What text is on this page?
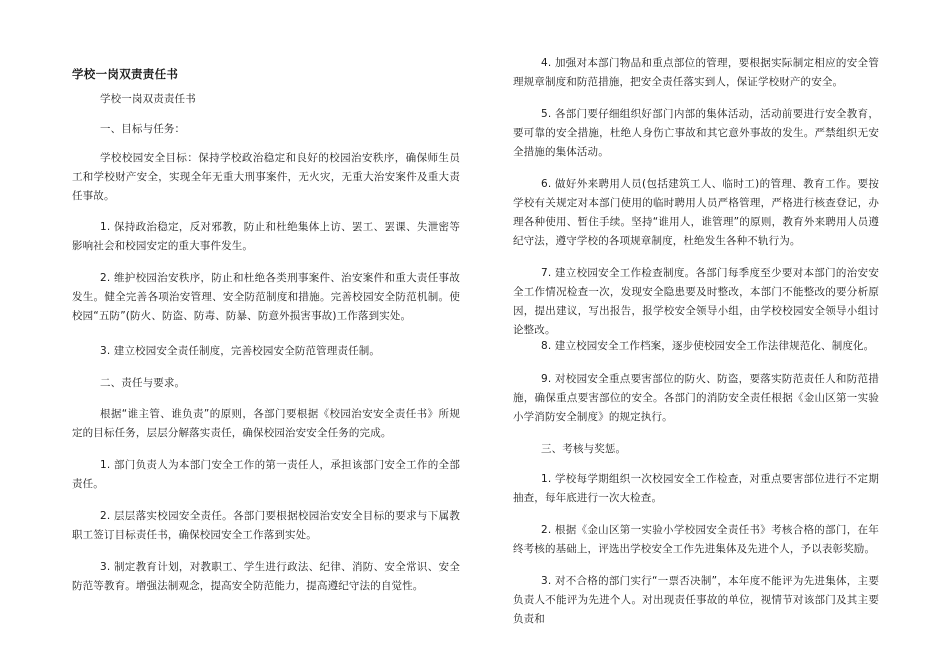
学校一岗双责责任书

学校一岗双责责任书

一、目标与任务：

学校校园安全目标：保持学校政治稳定和良好的校园治安秩序，确保师生员工和学校财产安全，实现全年无重大刑事案件，无火灾，无重大治安案件及重大责任事故。

1. 保持政治稳定，反对邪教，防止和杜绝集体上访、罢工、罢课、失泄密等影响社会和校园安定的重大事件发生。

2. 维护校园治安秩序，防止和杜绝各类刑事案件、治安案件和重大责任事故发生。健全完善各项治安管理、安全防范制度和措施。完善校园安全防范机制。使校园“五防”(防火、防盗、防毒、防暴、防意外损害事故)工作落到实处。

3. 建立校园安全责任制度，完善校园安全防范管理责任制。

二、责任与要求。

根据“谁主管、谁负责”的原则，各部门要根据《校园治安安全责任书》所规定的目标任务，层层分解落实责任，确保校园治安安全任务的完成。

1. 部门负责人为本部门安全工作的第一责任人，承担该部门安全工作的全部责任。

2. 层层落实校园安全责任。各部门要根据校园治安安全目标的要求与下属教职工签订目标责任书，确保校园安全工作落到实处。

3. 制定教育计划，对教职工、学生进行政法、纪律、消防、安全常识、安全防范等教育。增强法制观念，提高安全防范能力，提高遵纪守法的自觉性。

4. 加强对本部门物品和重点部位的管理，要根据实际制定相应的安全管理规章制度和防范措施，把安全责任落实到人，保证学校财产的安全。

5. 各部门要仔细组织好部门内部的集体活动，活动前要进行安全教育，要可靠的安全措施，杜绝人身伤亡事故和其它意外事故的发生。严禁组织无安全措施的集体活动。

6. 做好外来聘用人员(包括建筑工人、临时工)的管理、教育工作。要按学校有关规定对本部门使用的临时聘用人员严格管理，严格进行核查登记，办理各种使用、暂住手续。坚持“谁用人，谁管理”的原则，教育外来聘用人员遵纪守法，遵守学校的各项规章制度，杜绝发生各种不轨行为。

7. 建立校园安全工作检查制度。各部门每季度至少要对本部门的治安安全工作情况检查一次，发现安全隐患要及时整改，本部门不能整改的要分析原因，提出建议，写出报告，报学校安全领导小组，由学校校园安全领导小组讨论整改。

8. 建立校园安全工作档案，逐步使校园安全工作法律规范化、制度化。

9. 对校园安全重点要害部位的防火、防盗，要落实防范责任人和防范措施，确保重点要害部位的安全。各部门的消防安全责任根据《金山区第一实验小学消防安全制度》的规定执行。

三、考核与奖惩。

1. 学校每学期组织一次校园安全工作检查，对重点要害部位进行不定期抽查，每年底进行一次大检查。

2. 根据《金山区第一实验小学校园安全责任书》考核合格的部门，在年终考核的基础上，评选出学校安全工作先进集体及先进个人，予以表彰奖励。

3. 对不合格的部门实行“一票否决制”，本年度不能评为先进集体，主要负责人不能评为先进个人。对出现责任事故的单位，视情节对该部门及其主要负责和
